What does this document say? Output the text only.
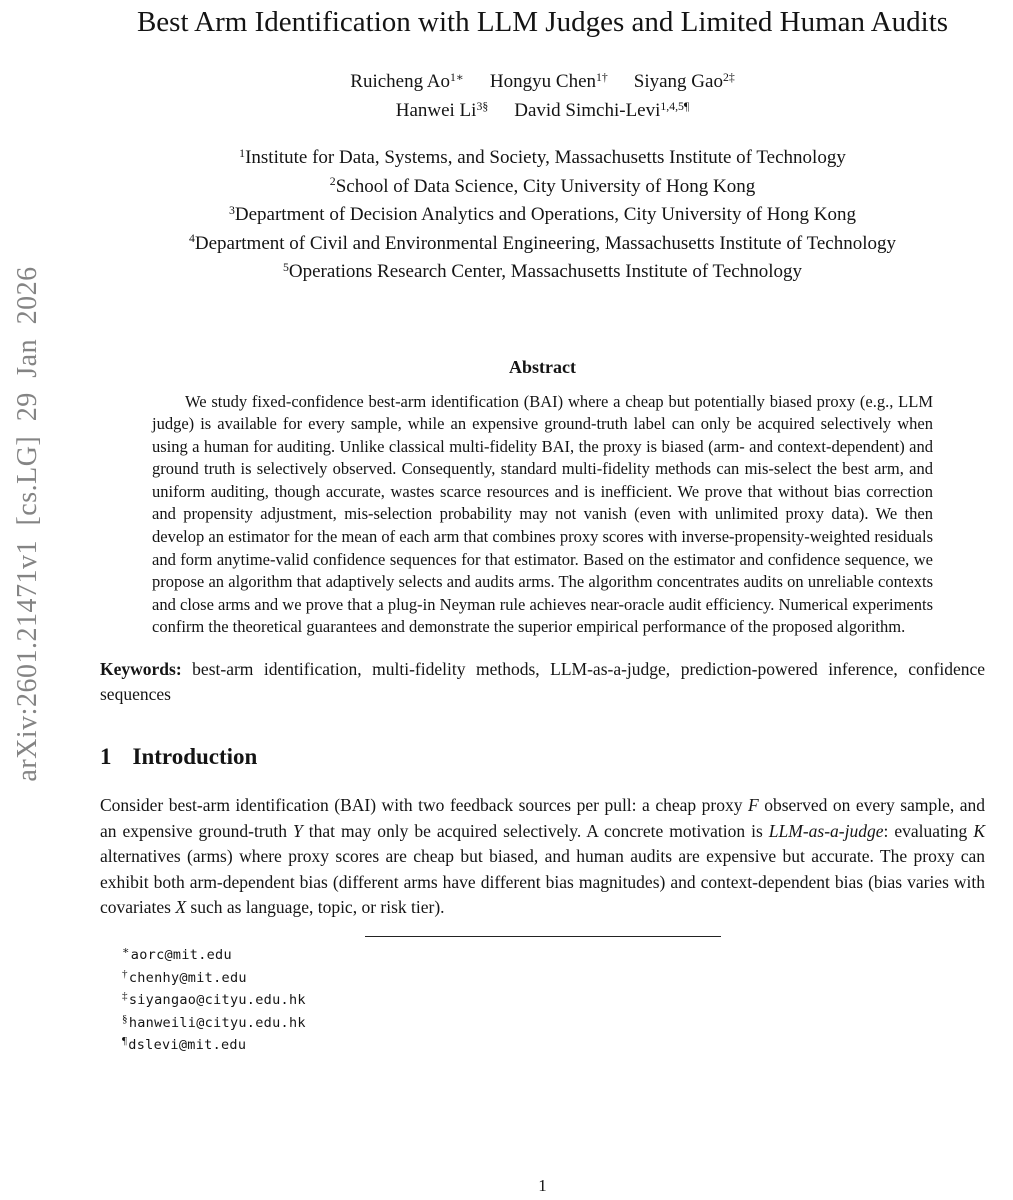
arXiv:2601.21471v1 [cs.LG] 29 Jan 2026
Best Arm Identification with LLM Judges and Limited Human Audits
Ruicheng $Ao^{1∗}$ Hongyu Chen$^{1\dagger}$ Siyang Gao$^{2\ddagger}$
Hanwei $Li^{3\S}$ David Simchi-Levi$^{1,4,5\P}$
$^1$Institute for Data, Systems, and Society, Massachusetts Institute of Technology
$^2$School of Data Science, City University of Hong Kong
$^3$Department of Decision Analytics and Operations, City University of Hong Kong
$^4$Department of Civil and Environmental Engineering, Massachusetts Institute of Technology
$^5$Operations Research Center, Massachusetts Institute of Technology
Abstract
We study fixed-confidence best-arm identification (BAI) where a cheap but potentially biased proxy (e.g., LLM judge) is available for every sample, while an expensive ground-truth label can only be acquired selectively when using a human for auditing. Unlike classical multi-fidelity BAI, the proxy is biased (arm- and context-dependent) and ground truth is selectively observed. Consequently, standard multi-fidelity methods can mis-select the best arm, and uniform auditing, though accurate, wastes scarce resources and is inefficient. We prove that without bias correction and propensity adjustment, mis-selection probability may not vanish (even with unlimited proxy data). We then develop an estimator for the mean of each arm that combines proxy scores with inverse-propensity-weighted residuals and form anytime-valid confidence sequences for that estimator. Based on the estimator and confidence sequence, we propose an algorithm that adaptively selects and audits arms. The algorithm concentrates audits on unreliable contexts and close arms and we prove that a plug-in Neyman rule achieves near-oracle audit efficiency. Numerical experiments confirm the theoretical guarantees and demonstrate the superior empirical performance of the proposed algorithm.
Keywords: best-arm identification, multi-fidelity methods, LLM-as-a-judge, prediction-powered inference, confidence sequences
1 Introduction
Consider best-arm identification (BAI) with two feedback sources per pull: a cheap proxy F observed on every sample, and an expensive ground-truth Y that may only be acquired selectively. A concrete motivation is LLM-as-a-judge: evaluating K alternatives (arms) where proxy scores are cheap but biased, and human audits are expensive but accurate. The proxy can exhibit both arm-dependent bias (different arms have different bias magnitudes) and context-dependent bias (bias varies with covariates X such as language, topic, or risk tier).
∗aorc@mit.edu
†chenhy@mit.edu
‡siyangao@cityu.edu.hk
§hanweili@cityu.edu.hk
¶dslevi@mit.edu
1
